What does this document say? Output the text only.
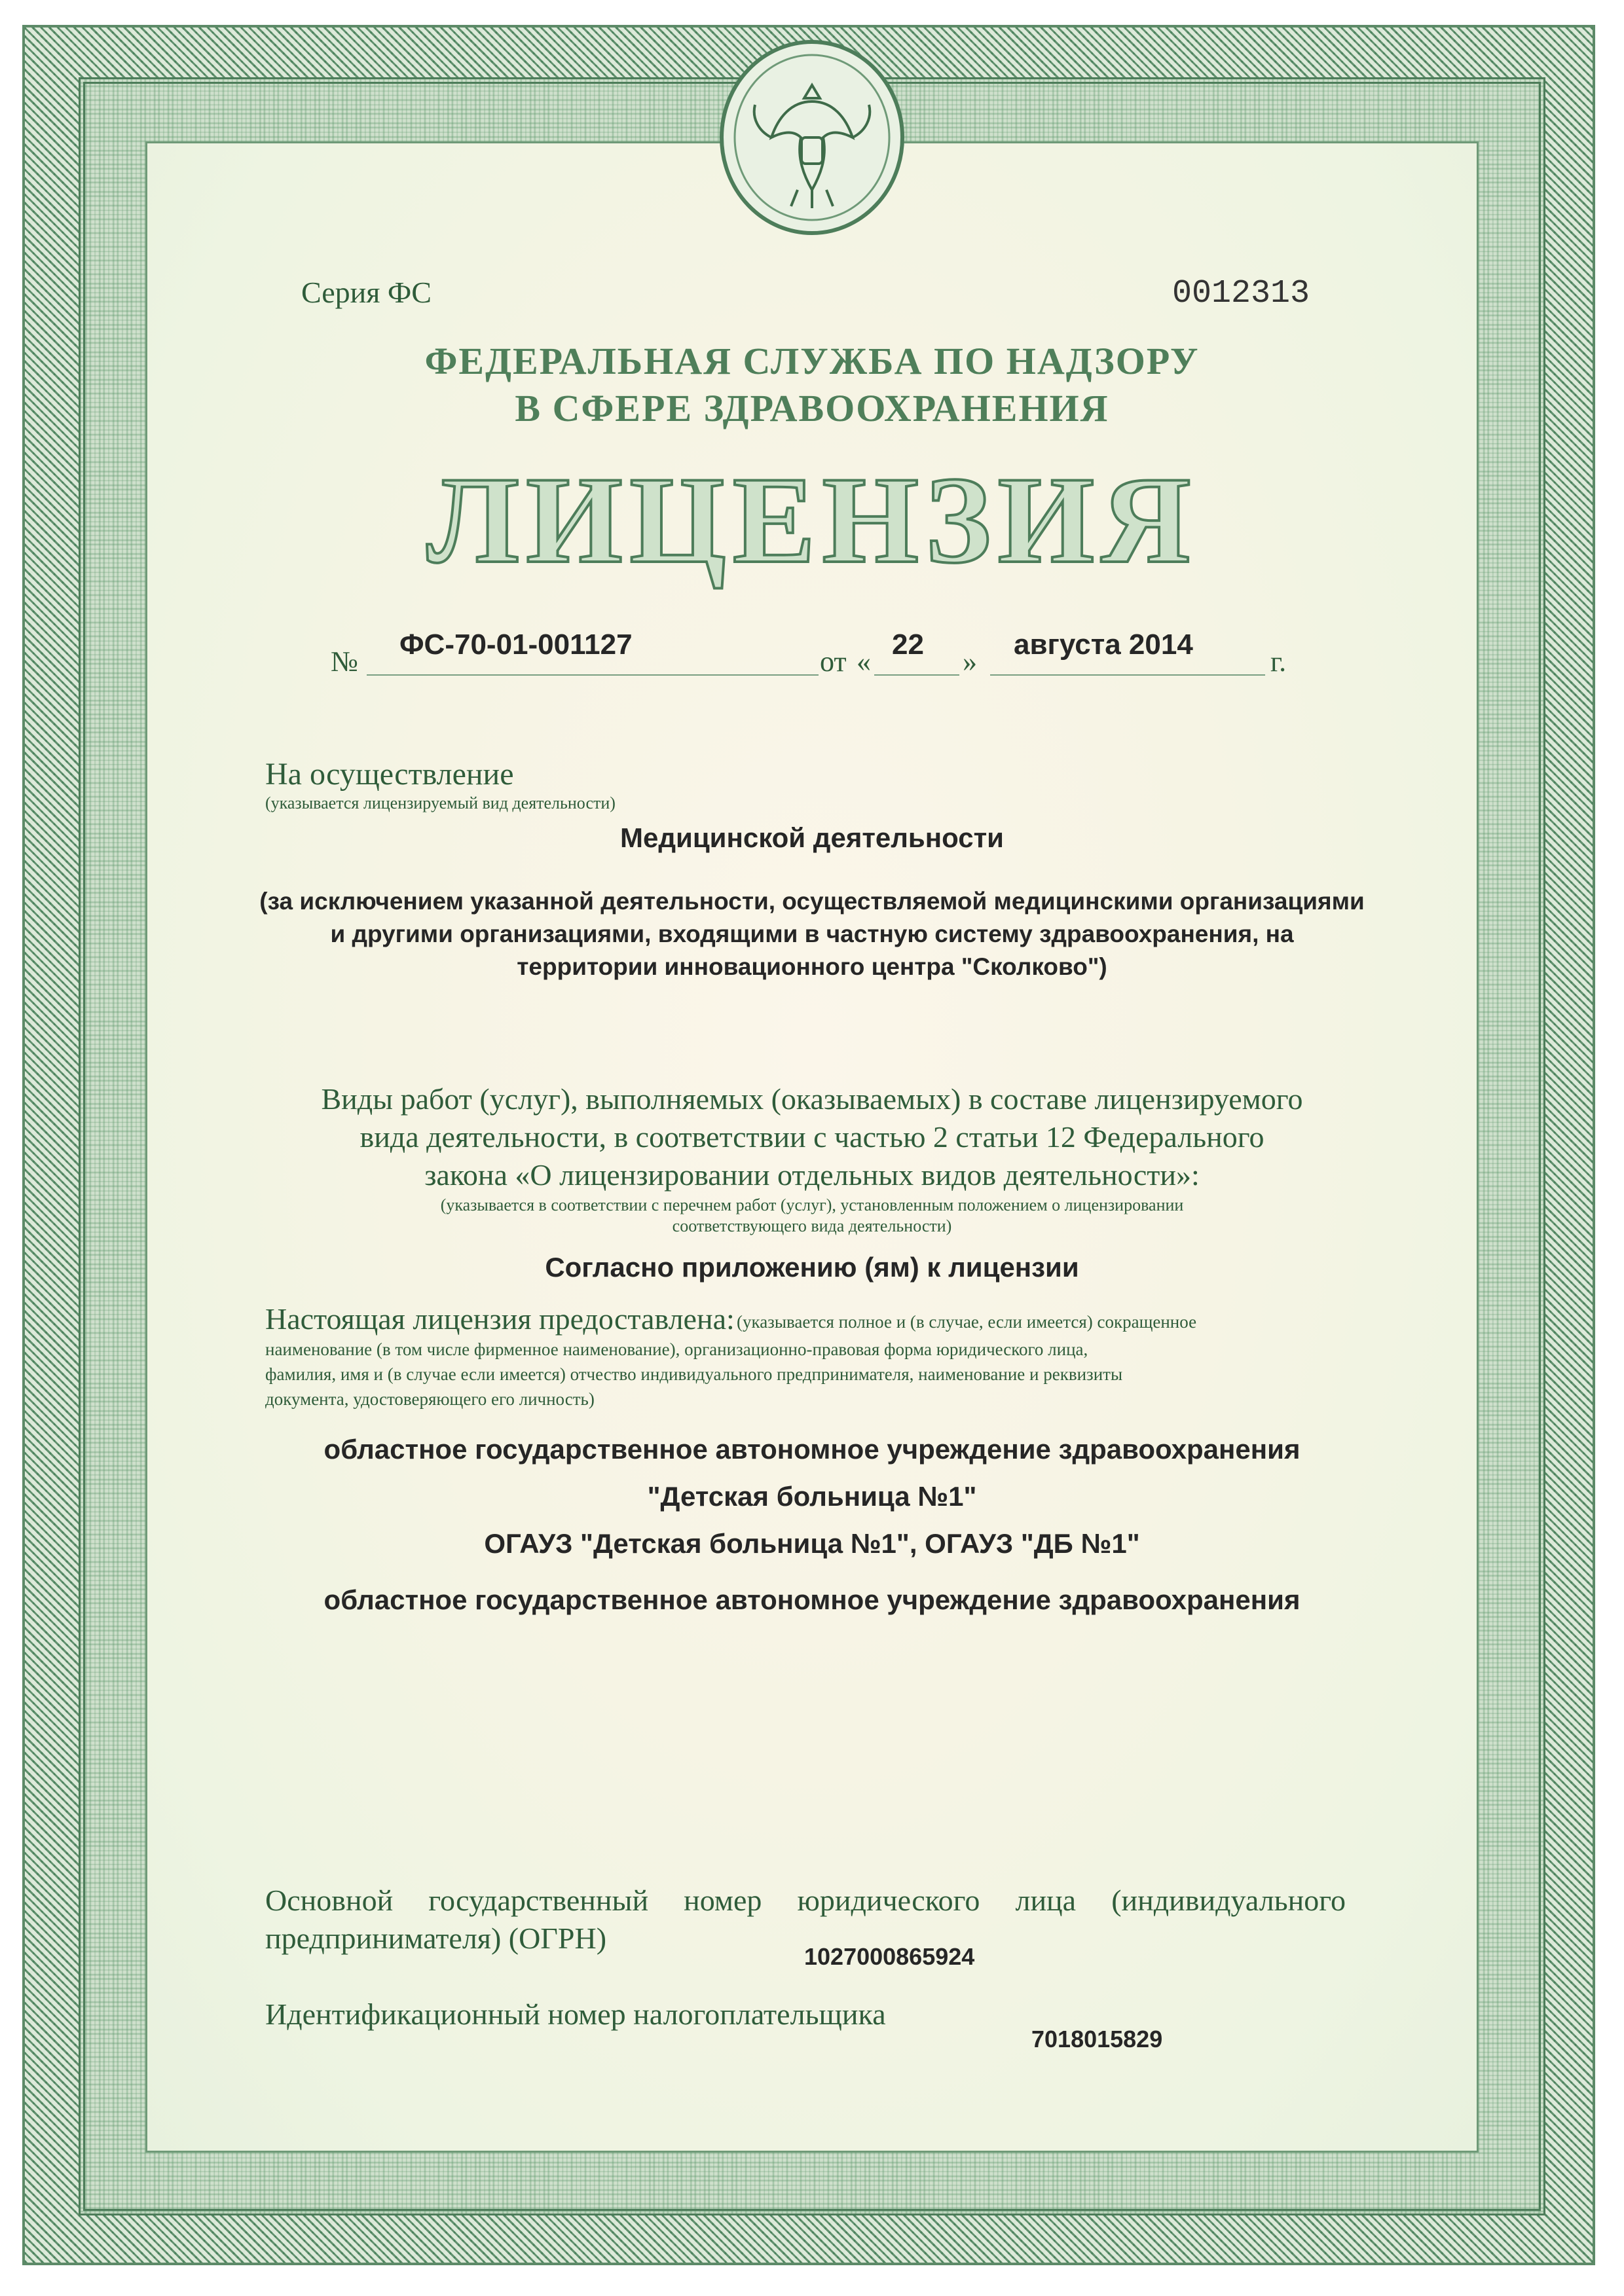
Серия ФС	0012313
ФЕДЕРАЛЬНАЯ СЛУЖБА ПО НАДЗОРУ
В СФЕРЕ ЗДРАВООХРАНЕНИЯ
ЛИЦЕНЗИЯ
№
ФС-70-01-001127
от «
22
»
августа 2014
г.
На осуществление
(указывается лицензируемый вид деятельности)
Медицинской деятельности
(за исключением указанной деятельности, осуществляемой медицинскими организациями
и другими организациями, входящими в частную систему здравоохранения, на
территории инновационного центра "Сколково")
Виды работ (услуг), выполняемых (оказываемых) в составе лицензируемого
вида деятельности, в соответствии с частью 2 статьи 12 Федерального
закона «О лицензировании отдельных видов деятельности»:
(указывается в соответствии с перечнем работ (услуг), установленным положением о лицензировании
соответствующего вида деятельности)
Согласно приложению (ям) к лицензии
Настоящая лицензия предоставлена: (указывается полное и (в случае, если имеется) сокращенное
наименование (в том числе фирменное наименование), организационно-правовая форма юридического лица,
фамилия, имя и (в случае если имеется) отчество индивидуального предпринимателя, наименование и реквизиты
документа, удостоверяющего его личность)
областное государственное автономное учреждение здравоохранения
"Детская больница №1"
ОГАУЗ "Детская больница №1", ОГАУЗ "ДБ №1"
областное государственное автономное учреждение здравоохранения
Основной государственный номер юридического лица (индивидуального
предпринимателя) (ОГРН)
1027000865924
Идентификационный номер налогоплательщика
7018015829
